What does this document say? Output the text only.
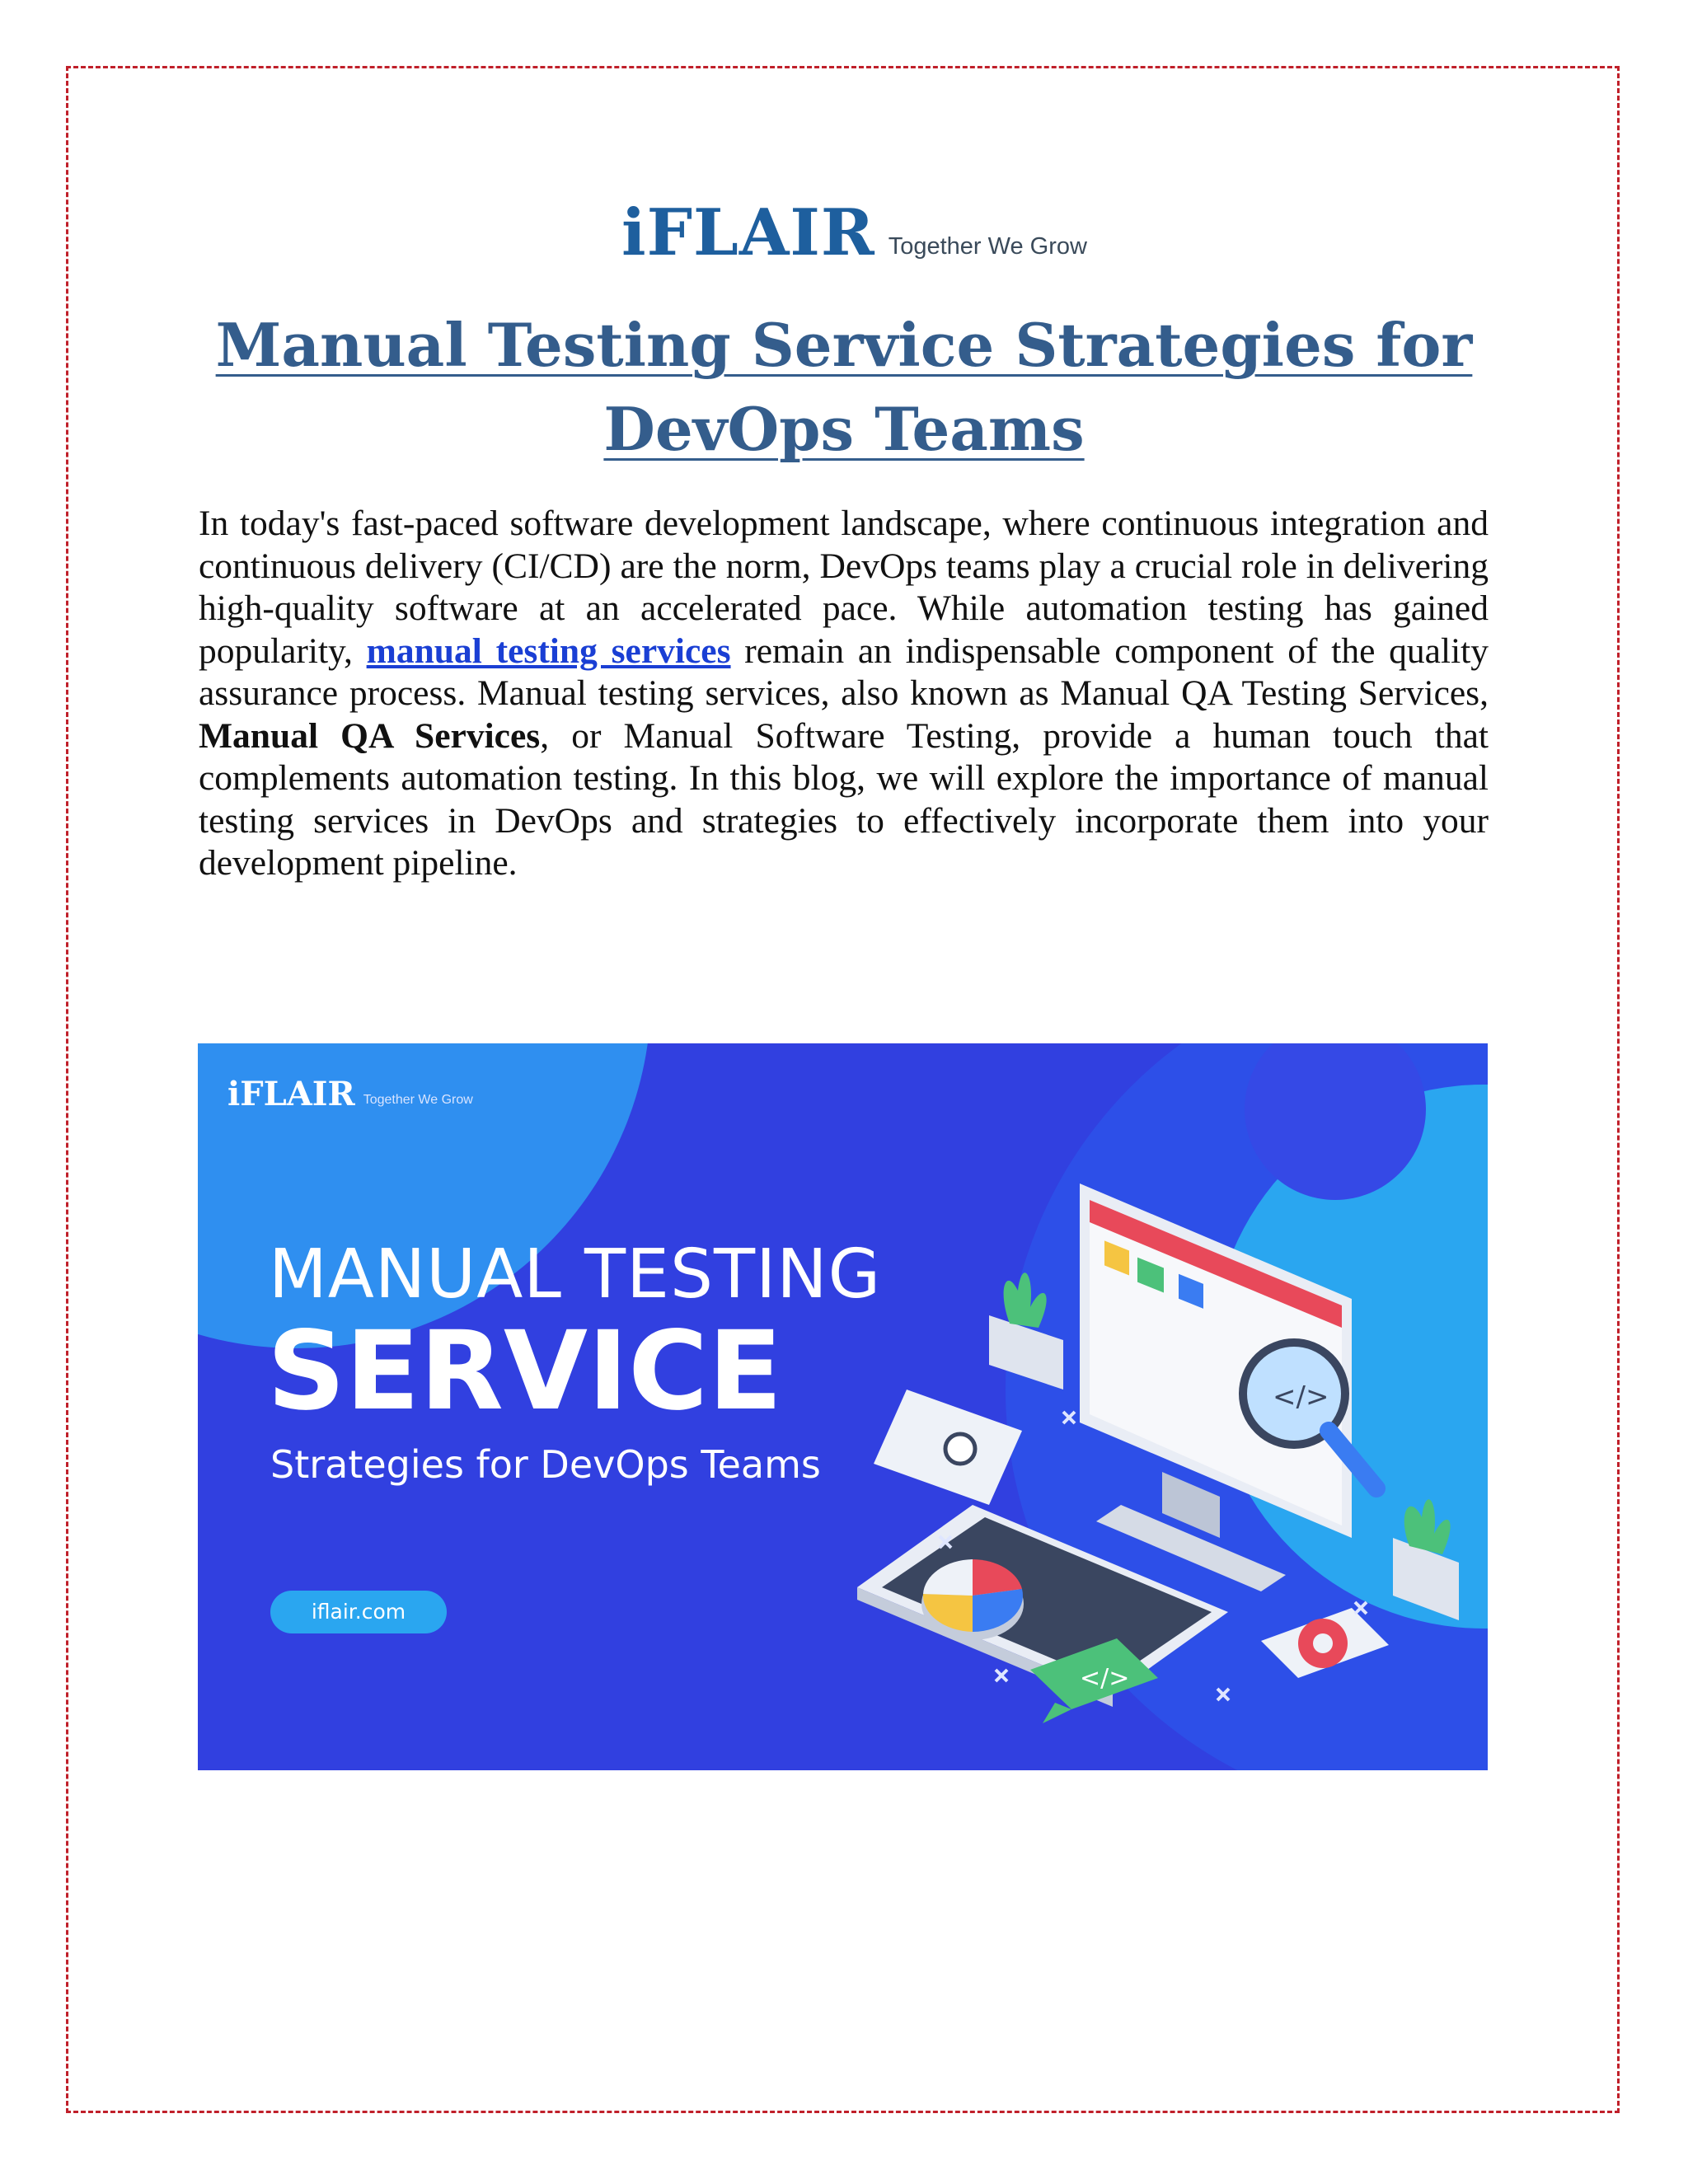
iFLAIR Together We Grow
Manual Testing Service Strategies for DevOps Teams

In today's fast-paced software development landscape, where continuous integration and continuous delivery (CI/CD) are the norm, DevOps teams play a crucial role in delivering high-quality software at an accelerated pace. While automation testing has gained popularity, manual testing services remain an indispensable component of the quality assurance process. Manual testing services, also known as Manual QA Testing Services, Manual QA Services, or Manual Software Testing, provide a human touch that complements automation testing. In this blog, we will explore the importance of manual testing services in DevOps and strategies to effectively incorporate them into your development pipeline.

</>
</>
iFLAIR Together We Grow
MANUAL TESTING
SERVICE
Strategies for DevOps Teams
iflair.com
